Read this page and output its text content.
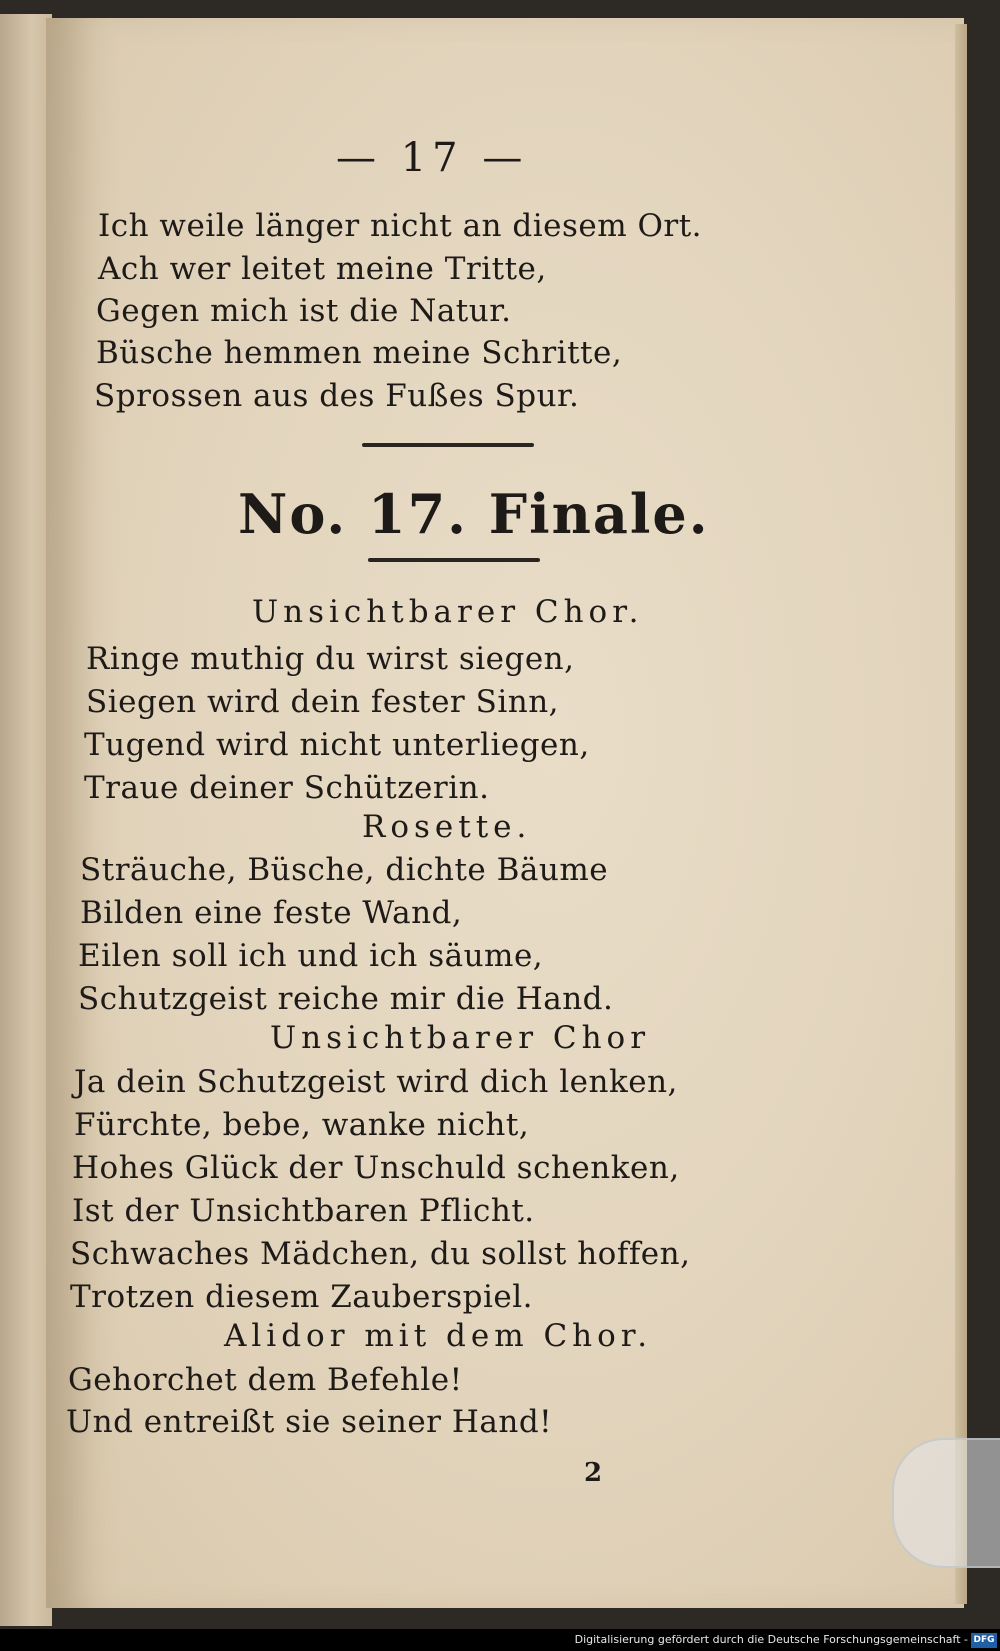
— 17 —
Ich weile länger nicht an diesem Ort.
Ach wer leitet meine Tritte,
Gegen mich ist die Natur.
Büsche hemmen meine Schritte,
Sprossen aus des Fußes Spur.
No. 17. Finale.
Unsichtbarer Chor.
Ringe muthig du wirst siegen,
Siegen wird dein fester Sinn,
Tugend wird nicht unterliegen,
Traue deiner Schützerin.
Rosette.
Sträuche, Büsche, dichte Bäume
Bilden eine feste Wand,
Eilen soll ich und ich säume,
Schutzgeist reiche mir die Hand.
Unsichtbarer Chor
Ja dein Schutzgeist wird dich lenken,
Fürchte, bebe, wanke nicht,
Hohes Glück der Unschuld schenken,
Ist der Unsichtbaren Pflicht.
Schwaches Mädchen, du sollst hoffen,
Trotzen diesem Zauberspiel.
Alidor mit dem Chor.
Gehorchet dem Befehle!
Und entreißt sie seiner Hand!
2
Digitalisierung gefördert durch die Deutsche Forschungsgemeinschaft - DFG
